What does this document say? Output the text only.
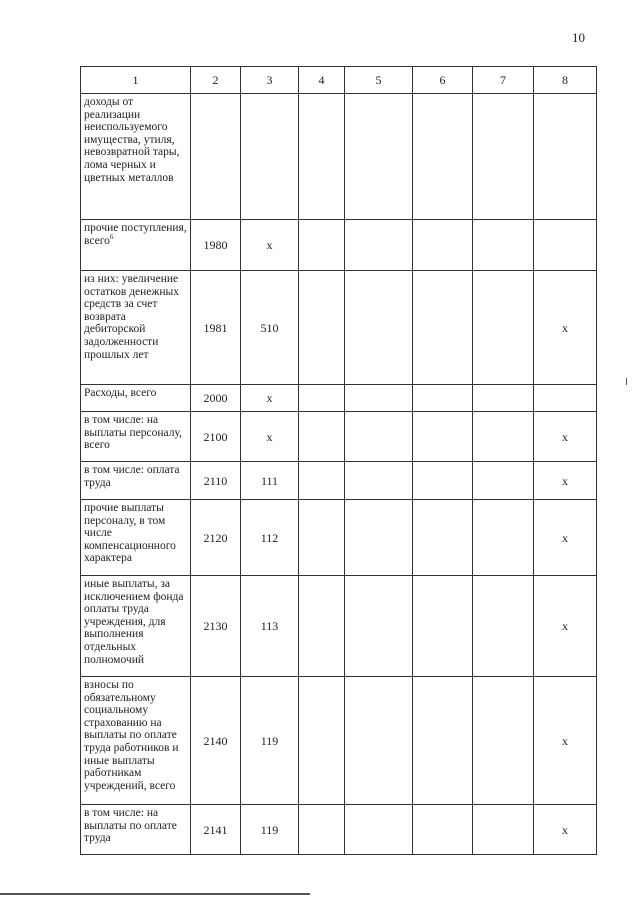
10
1	2	3	4	5	6	7	8
доходы от реализации неиспользуемого имущества, утиля, невозвратной тары, лома черных и цветных металлов							
прочие поступления, всего$^6$	1980	x					
из них: увеличение остатков денежных средств за счет возврата дебиторской задолженности прошлых лет	1981	510					x
Расходы, всего	2000	x					
в том числе: на выплаты персоналу, всего	2100	x					x
в том числе: оплата труда	2110	111					x
прочие выплаты персоналу, в том числе компенсационного характера	2120	112					x
иные выплаты, за исключением фонда оплаты труда учреждения, для выполнения отдельных полномочий	2130	113					x
взносы по обязательному социальному страхованию на выплаты по оплате труда работников и иные выплаты работникам учреждений, всего	2140	119					x
в том числе: на выплаты по оплате труда	2141	119					x
